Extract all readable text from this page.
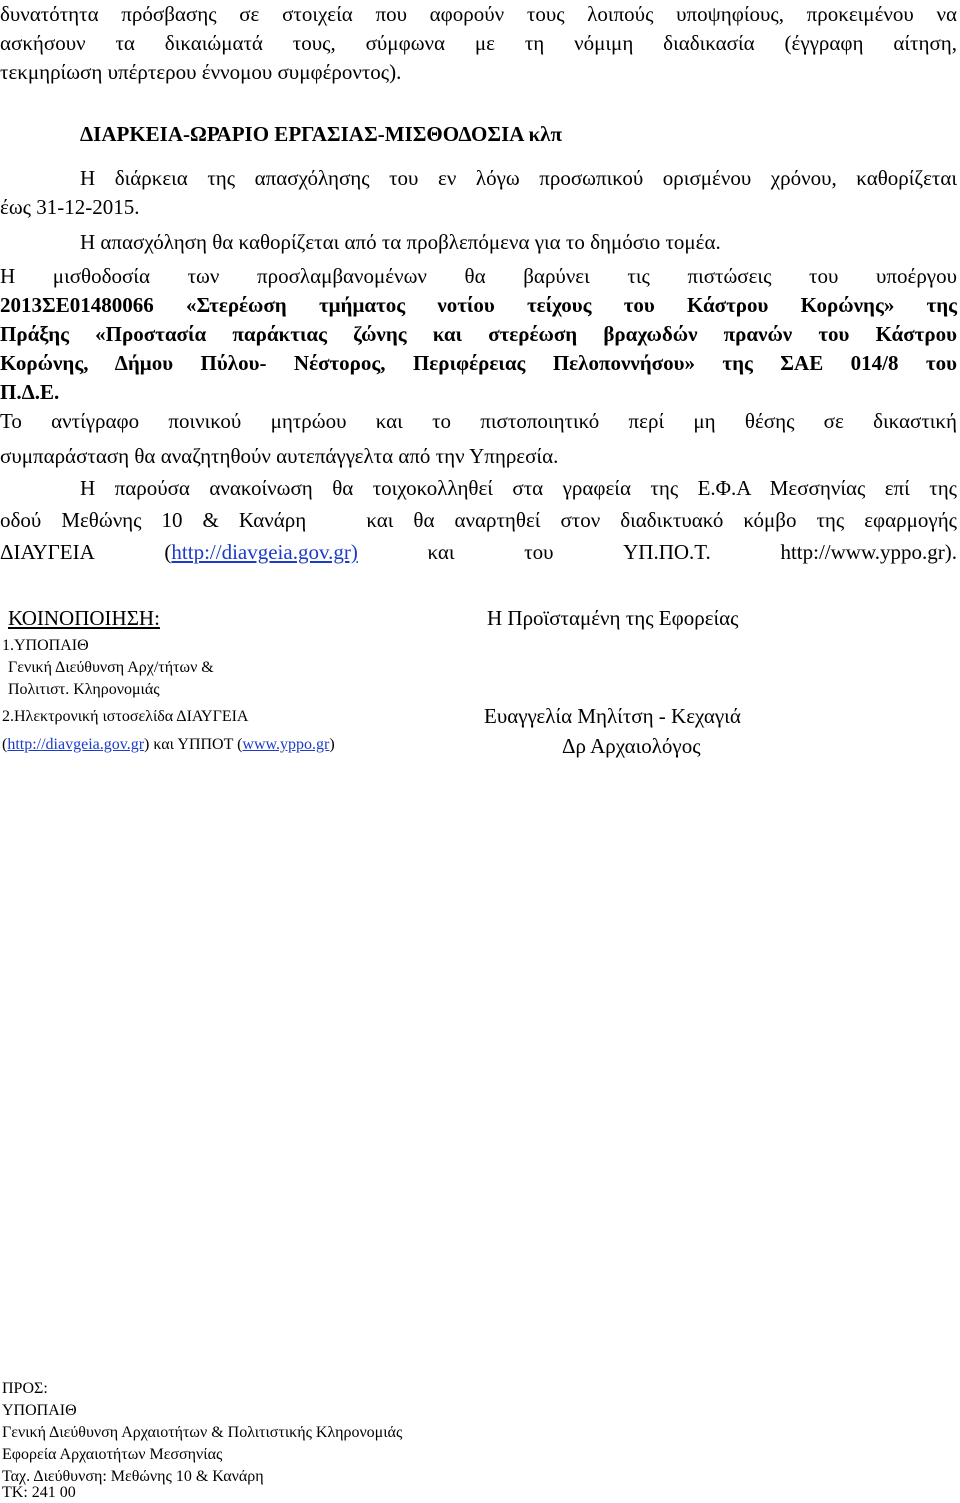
δυνατότητα πρόσβασης σε στοιχεία που αφορούν τους λοιπούς υποψηφίους, προκειμένου να
ασκήσουν τα δικαιώματά τους, σύμφωνα με τη νόμιμη διαδικασία (έγγραφη αίτηση,
τεκμηρίωση υπέρτερου έννομου συμφέροντος).
ΔΙΑΡΚΕΙΑ-ΩΡΑΡΙΟ ΕΡΓΑΣΙΑΣ-ΜΙΣΘΟΔΟΣΙΑ κλπ
Η διάρκεια της απασχόλησης του εν λόγω προσωπικού ορισμένου χρόνου, καθορίζεται
έως 31-12-2015.
Η απασχόληση θα καθορίζεται από τα προβλεπόμενα για το δημόσιο τομέα.
Η μισθοδοσία των προσλαμβανομένων θα βαρύνει τις πιστώσεις του υποέργου
2013ΣΕ01480066 «Στερέωση τμήματος νοτίου τείχους του Κάστρου Κορώνης» της
Πράξης «Προστασία παράκτιας ζώνης και στερέωση βραχωδών πρανών του Κάστρου
Κορώνης, Δήμου Πύλου- Νέστορος, Περιφέρειας Πελοποννήσου» της ΣΑΕ 014/8 του
Π.Δ.Ε.
Το αντίγραφο ποινικού μητρώου και το πιστοποιητικό περί μη θέσης σε δικαστική
συμπαράσταση θα αναζητηθούν αυτεπάγγελτα από την Υπηρεσία.
Η παρούσα ανακοίνωση θα τοιχοκολληθεί στα γραφεία της Ε.Φ.Α Μεσσηνίας επί της
οδού Μεθώνης 10 & Κανάρη   και θα αναρτηθεί στον διαδικτυακό κόμβο της εφαρμογής
ΔΙΑΥΓΕΙΑ	(http://diavgeia.gov.gr)	και	του	ΥΠ.ΠΟ.Τ.	http://www.yppo.gr).
ΚΟΙΝΟΠΟΙΗΣΗ:
1.ΥΠΟΠΑΙΘ
Γενική Διεύθυνση Αρχ/τήτων &
Πολιτιστ. Κληρονομιάς
2.Ηλεκτρονική ιστοσελίδα ΔΙΑΥΓΕΙΑ
(http://diavgeia.gov.gr) και ΥΠΠΟΤ (www.yppo.gr)
Η Προϊσταμένη της Εφορείας
Ευαγγελία Μηλίτση - Κεχαγιά
Δρ Αρχαιολόγος
ΠΡΟΣ:
ΥΠΟΠΑΙΘ
Γενική Διεύθυνση Αρχαιοτήτων & Πολιτιστικής Κληρονομιάς
Εφορεία Αρχαιοτήτων Μεσσηνίας
Ταχ. Διεύθυνση: Μεθώνης 10 & Κανάρη
ΤΚ: 241 00
